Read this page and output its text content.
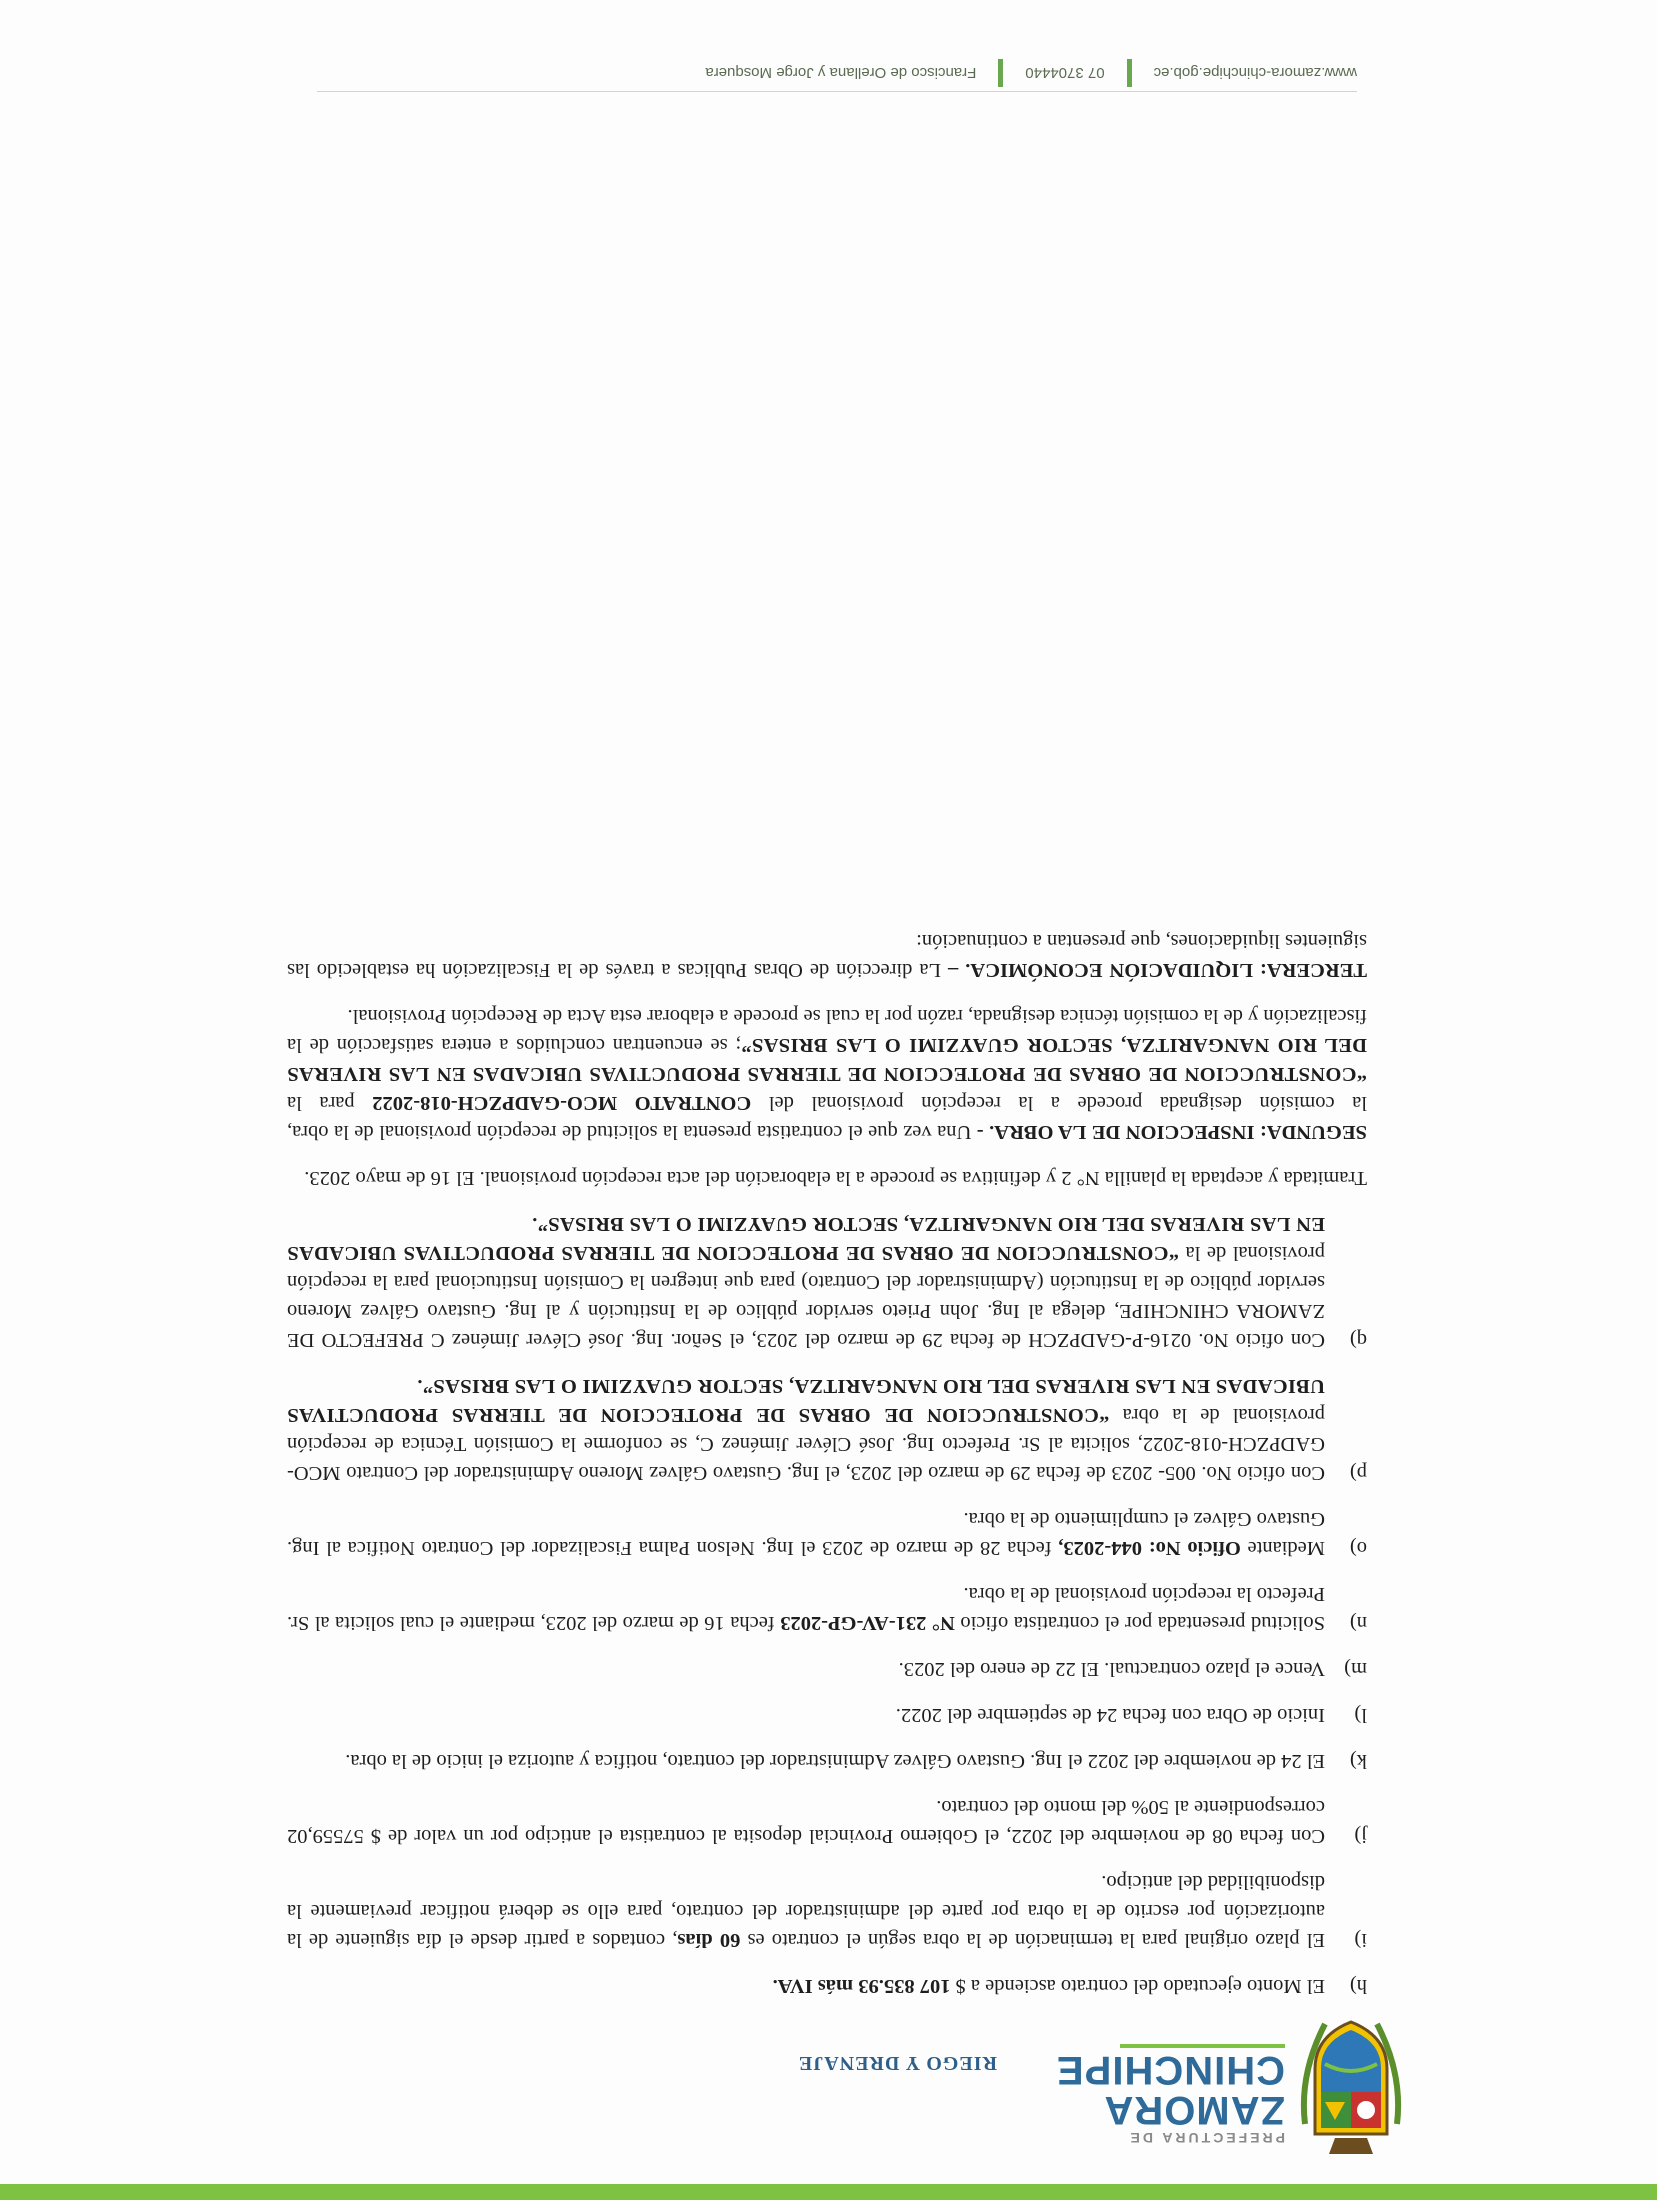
PREFECTURA DE
ZAMORA
CHINCHIPE
RIEGO Y DRENAJE
h)
El Monto ejecutado del contrato asciende a $ 107 835.93 más IVA.
i)
El plazo original para la terminación de la obra según el contrato es 60 días, contados a partir desde el día siguiente de la autorización por escrito de la obra por parte del administrador del contrato, para ello se deberá notificar previamente la disponibilidad del anticipo.
j)
Con fecha 08 de noviembre del 2022, el Gobierno Provincial deposita al contratista el anticipo por un valor de $ 57559,02 correspondiente al 50% del monto del contrato.
k)
El 24 de noviembre del 2022 el Ing. Gustavo Gálvez Administrador del contrato, notifica y autoriza el inicio de la obra.
l)
Inicio de Obra con fecha 24 de septiembre del 2022.
m)
Vence el plazo contractual. El 22 de enero del 2023.
n)
Solicitud presentada por el contratista oficio N° 231-AV-GP-2023 fecha 16 de marzo del 2023, mediante el cual solicita al Sr. Prefecto la recepción provisional de la obra.
o)
Mediante Oficio No: 044-2023, fecha 28 de marzo de 2023 el Ing. Nelson Palma Fiscalizador del Contrato Notifica al Ing. Gustavo Gálvez el cumplimiento de la obra.
p)
Con oficio No. 005- 2023 de fecha 29 de marzo del 2023, el Ing. Gustavo Gálvez Moreno Administrador del Contrato MCO-GADPZCH-018-2022, solicita al Sr. Prefecto Ing. José Cléver Jiménez C, se conforme la Comisión Técnica de recepción provisional de la obra “CONSTRUCCION DE OBRAS DE PROTECCION DE TIERRAS PRODUCTIVAS UBICADAS EN LAS RIVERAS DEL RIO NANGARITZA, SECTOR GUAYZIMI O LAS BRISAS”.
q)
Con oficio No. 0216-P-GADPZCH de fecha 29 de marzo del 2023, el Señor. Ing. José Cléver Jiménez C PREFECTO DE ZAMORA CHINCHIPE, delega al Ing. John Prieto servidor público de la Institución y al Ing. Gustavo Gálvez Moreno servidor público de la Institución (Administrador del Contrato) para que integren la Comisión Institucional para la recepción provisional de la “CONSTRUCCION DE OBRAS DE PROTECCION DE TIERRAS PRODUCTIVAS UBICADAS EN LAS RIVERAS DEL RIO NANGARITZA, SECTOR GUAYZIMI O LAS BRISAS”.
Tramitada y aceptada la planilla N° 2 y definitiva se procede a la elaboración del acta recepción provisional. El 16 de mayo 2023.
SEGUNDA: INSPECCION DE LA OBRA. - Una vez que el contratista presenta la solicitud de recepción provisional de la obra, la comisión designada procede a la recepción provisional del CONTRATO MCO-GADPZCH-018-2022 para la “CONSTRUCCION DE OBRAS DE PROTECCION DE TIERRAS PRODUCTIVAS UBICADAS EN LAS RIVERAS DEL RIO NANGARITZA, SECTOR GUAYZIMI O LAS BRISAS”; se encuentran concluidos a entera satisfacción de la fiscalización y de la comisión técnica designada, razón por la cual se procede a elaborar esta Acta de Recepción Provisional.
TERCERA: LIQUIDACIÓN ECONÓMICA. – La dirección de Obras Publicas a través de la Fiscalización ha establecido las siguientes liquidaciones, que presentan a continuación:
www.zamora-chinchipe.gob.ec
07 3704440
Francisco de Orellana y Jorge Mosquera
